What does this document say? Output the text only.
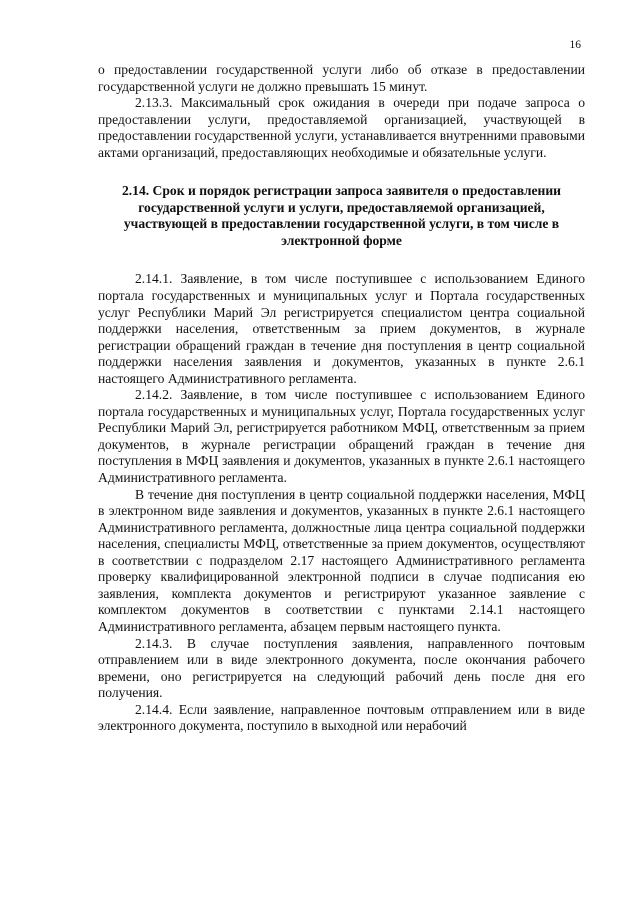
16

о предоставлении государственной услуги либо об отказе в предоставлении государственной услуги не должно превышать 15 минут.

2.13.3. Максимальный срок ожидания в очереди при подаче запроса о предоставлении услуги, предоставляемой организацией, участвующей в предоставлении государственной услуги, устанавливается внутренними правовыми актами организаций, предоставляющих необходимые и обязательные услуги.

2.14. Срок и порядок регистрации запроса заявителя о предоставлении государственной услуги и услуги, предоставляемой организацией, участвующей в предоставлении государственной услуги, в том числе в электронной форме

2.14.1. Заявление, в том числе поступившее с использованием Единого портала государственных и муниципальных услуг и Портала государственных услуг Республики Марий Эл регистрируется специалистом центра социальной поддержки населения, ответственным за прием документов, в журнале регистрации обращений граждан в течение дня поступления в центр социальной поддержки населения заявления и документов, указанных в пункте 2.6.1 настоящего Административного регламента.

2.14.2. Заявление, в том числе поступившее с использованием Единого портала государственных и муниципальных услуг, Портала государственных услуг Республики Марий Эл, регистрируется работником МФЦ, ответственным за прием документов, в журнале регистрации обращений граждан в течение дня поступления в МФЦ заявления и документов, указанных в пункте 2.6.1 настоящего Административного регламента.

В течение дня поступления в центр социальной поддержки населения, МФЦ в электронном виде заявления и документов, указанных в пункте 2.6.1 настоящего Административного регламента, должностные лица центра социальной поддержки населения, специалисты МФЦ, ответственные за прием документов, осуществляют в соответствии с подразделом 2.17 настоящего Административного регламента проверку квалифицированной электронной подписи в случае подписания ею заявления, комплекта документов и регистрируют указанное заявление с комплектом документов в соответствии с пунктами 2.14.1 настоящего Административного регламента, абзацем первым настоящего пункта.

2.14.3. В случае поступления заявления, направленного почтовым отправлением или в виде электронного документа, после окончания рабочего времени, оно регистрируется на следующий рабочий день после дня его получения.

2.14.4. Если заявление, направленное почтовым отправлением или в виде электронного документа, поступило в выходной или нерабочий
